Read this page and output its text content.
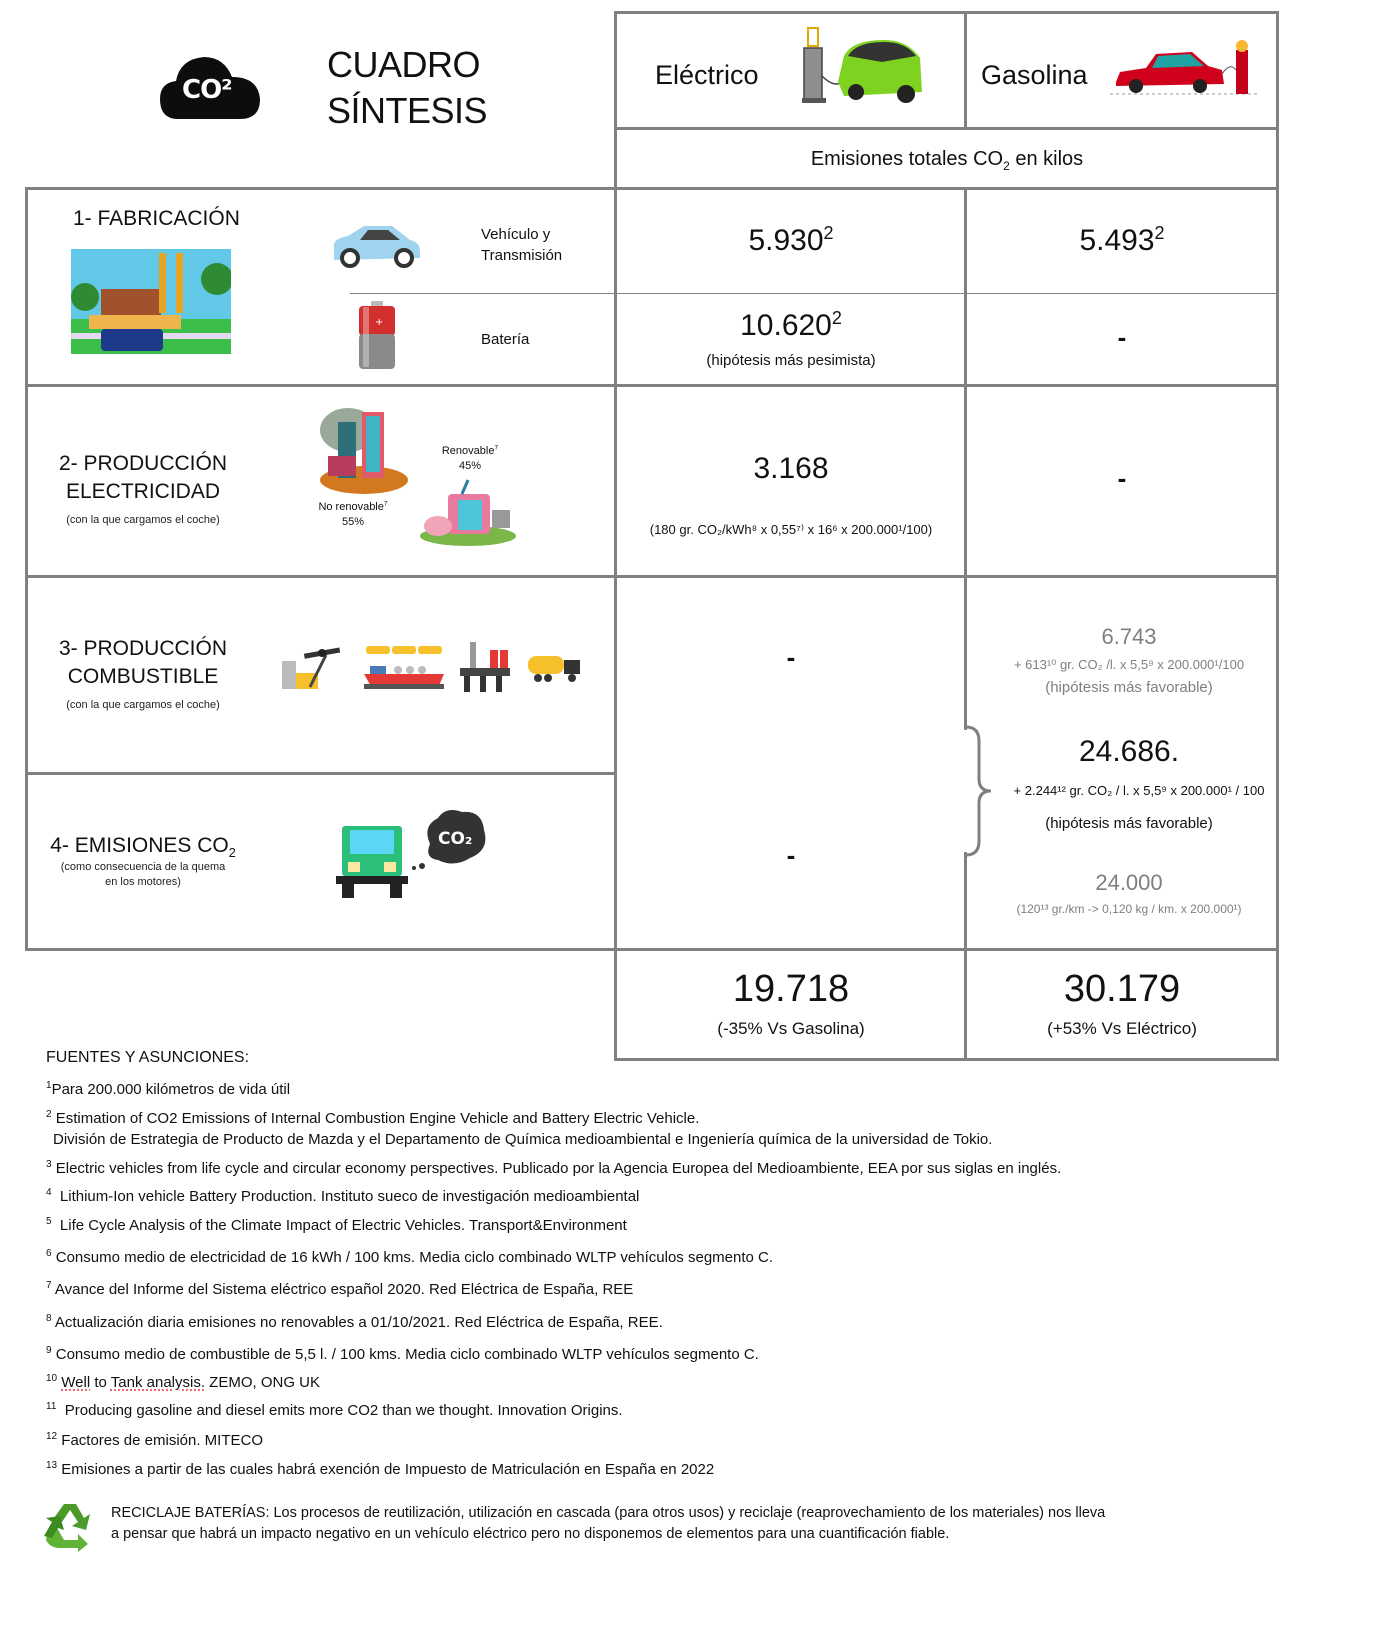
CO²
CUADRO
SÍNTESIS
Eléctrico	Gasolina
Emisiones totales $CO_2$ en kilos
1- FABRICACIÓN
Vehículo y
Transmisión
+
Batería
5.930$^2$	5.493$^2$
10.620$^2$
(hipótesis más pesimista)
-
2- PRODUCCIÓN
ELECTRICIDAD
(con la que cargamos el coche)
Renovable$^7$
45%
No renovable$^7$
55%
3.168
(180 gr. CO₂/kWh⁸ x 0,55⁷⁾ x 16⁶ x 200.000¹/100)
-
3- PRODUCCIÓN
COMBUSTIBLE
(con la que cargamos el coche)
-
6.743
+ 613¹⁰ gr. CO₂ /l. x 5,5⁹ x 200.000¹/100
(hipótesis más favorable)
24.686.
+ 2.244¹² gr. CO₂ / l. x 5,5⁹ x 200.000¹ / 100
(hipótesis más favorable)
4- EMISIONES $CO_2$
(como consecuencia de la quema
en los motores)
CO₂
-
24.000
(120¹³ gr./km -> 0,120 kg / km. x 200.000¹)
19.718
(-35% Vs Gasolina)
30.179
(+53% Vs Eléctrico)
FUENTES Y ASUNCIONES:
$^1$Para 200.000 kilómetros de vida útil
$^2$ Estimation of CO2 Emissions of Internal Combustion Engine Vehicle and Battery Electric Vehicle.
División de Estrategia de Producto de Mazda y el Departamento de Química medioambiental e Ingeniería química de la universidad de Tokio.
$^3$ Electric vehicles from life cycle and circular economy perspectives. Publicado por la Agencia Europea del Medioambiente, EEA por sus siglas en inglés.
$^4$  Lithium-Ion vehicle Battery Production. Instituto sueco de investigación medioambiental
$^5$  Life Cycle Analysis of the Climate Impact of Electric Vehicles. Transport&Environment
$^6$ Consumo medio de electricidad de 16 kWh / 100 kms. Media ciclo combinado WLTP vehículos segmento C.
$^7$ Avance del Informe del Sistema eléctrico español 2020. Red Eléctrica de España, REE
$^8$ Actualización diaria emisiones no renovables a 01/10/2021. Red Eléctrica de España, REE.
$^9$ Consumo medio de combustible de 5,5 l. / 100 kms. Media ciclo combinado WLTP vehículos segmento C.
$^{10}$ Well to Tank analysis. ZEMO, ONG UK
$^{11}$  Producing gasoline and diesel emits more CO2 than we thought. Innovation Origins.
$^{12}$ Factores de emisión. MITECO
$^{13}$ Emisiones a partir de las cuales habrá exención de Impuesto de Matriculación en España en 2022
RECICLAJE BATERÍAS: Los procesos de reutilización, utilización en cascada (para otros usos) y reciclaje (reaprovechamiento de los materiales) nos lleva
a pensar que habrá un impacto negativo en un vehículo eléctrico pero no disponemos de elementos para una cuantificación fiable.
